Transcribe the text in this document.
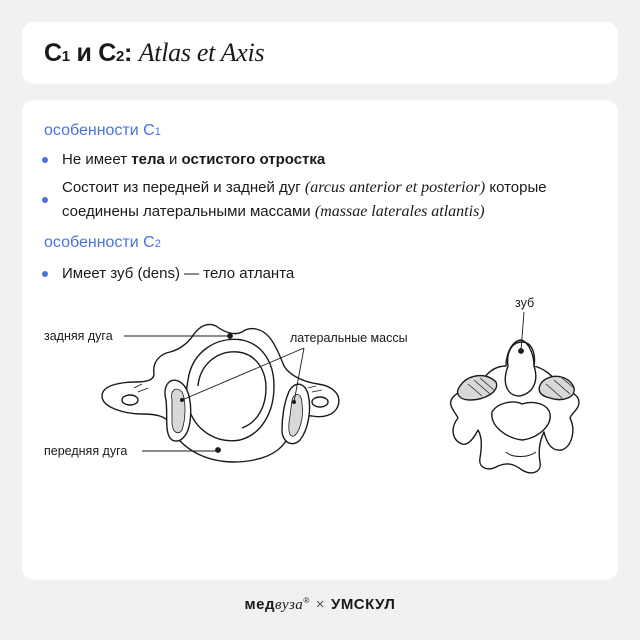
C1 и C2: Atlas et Axis
особенности C1
Не имеет тела и остистого отростка
Состоит из передней и задней дуг (arcus anterior et posterior) которые соединены латеральными массами (massae laterales atlantis)
особенности C2
Имеет зуб (dens) — тело атланта
задняя дуга
передняя дуга
латеральные массы
зуб
медвуза® × УМСКУЛ
